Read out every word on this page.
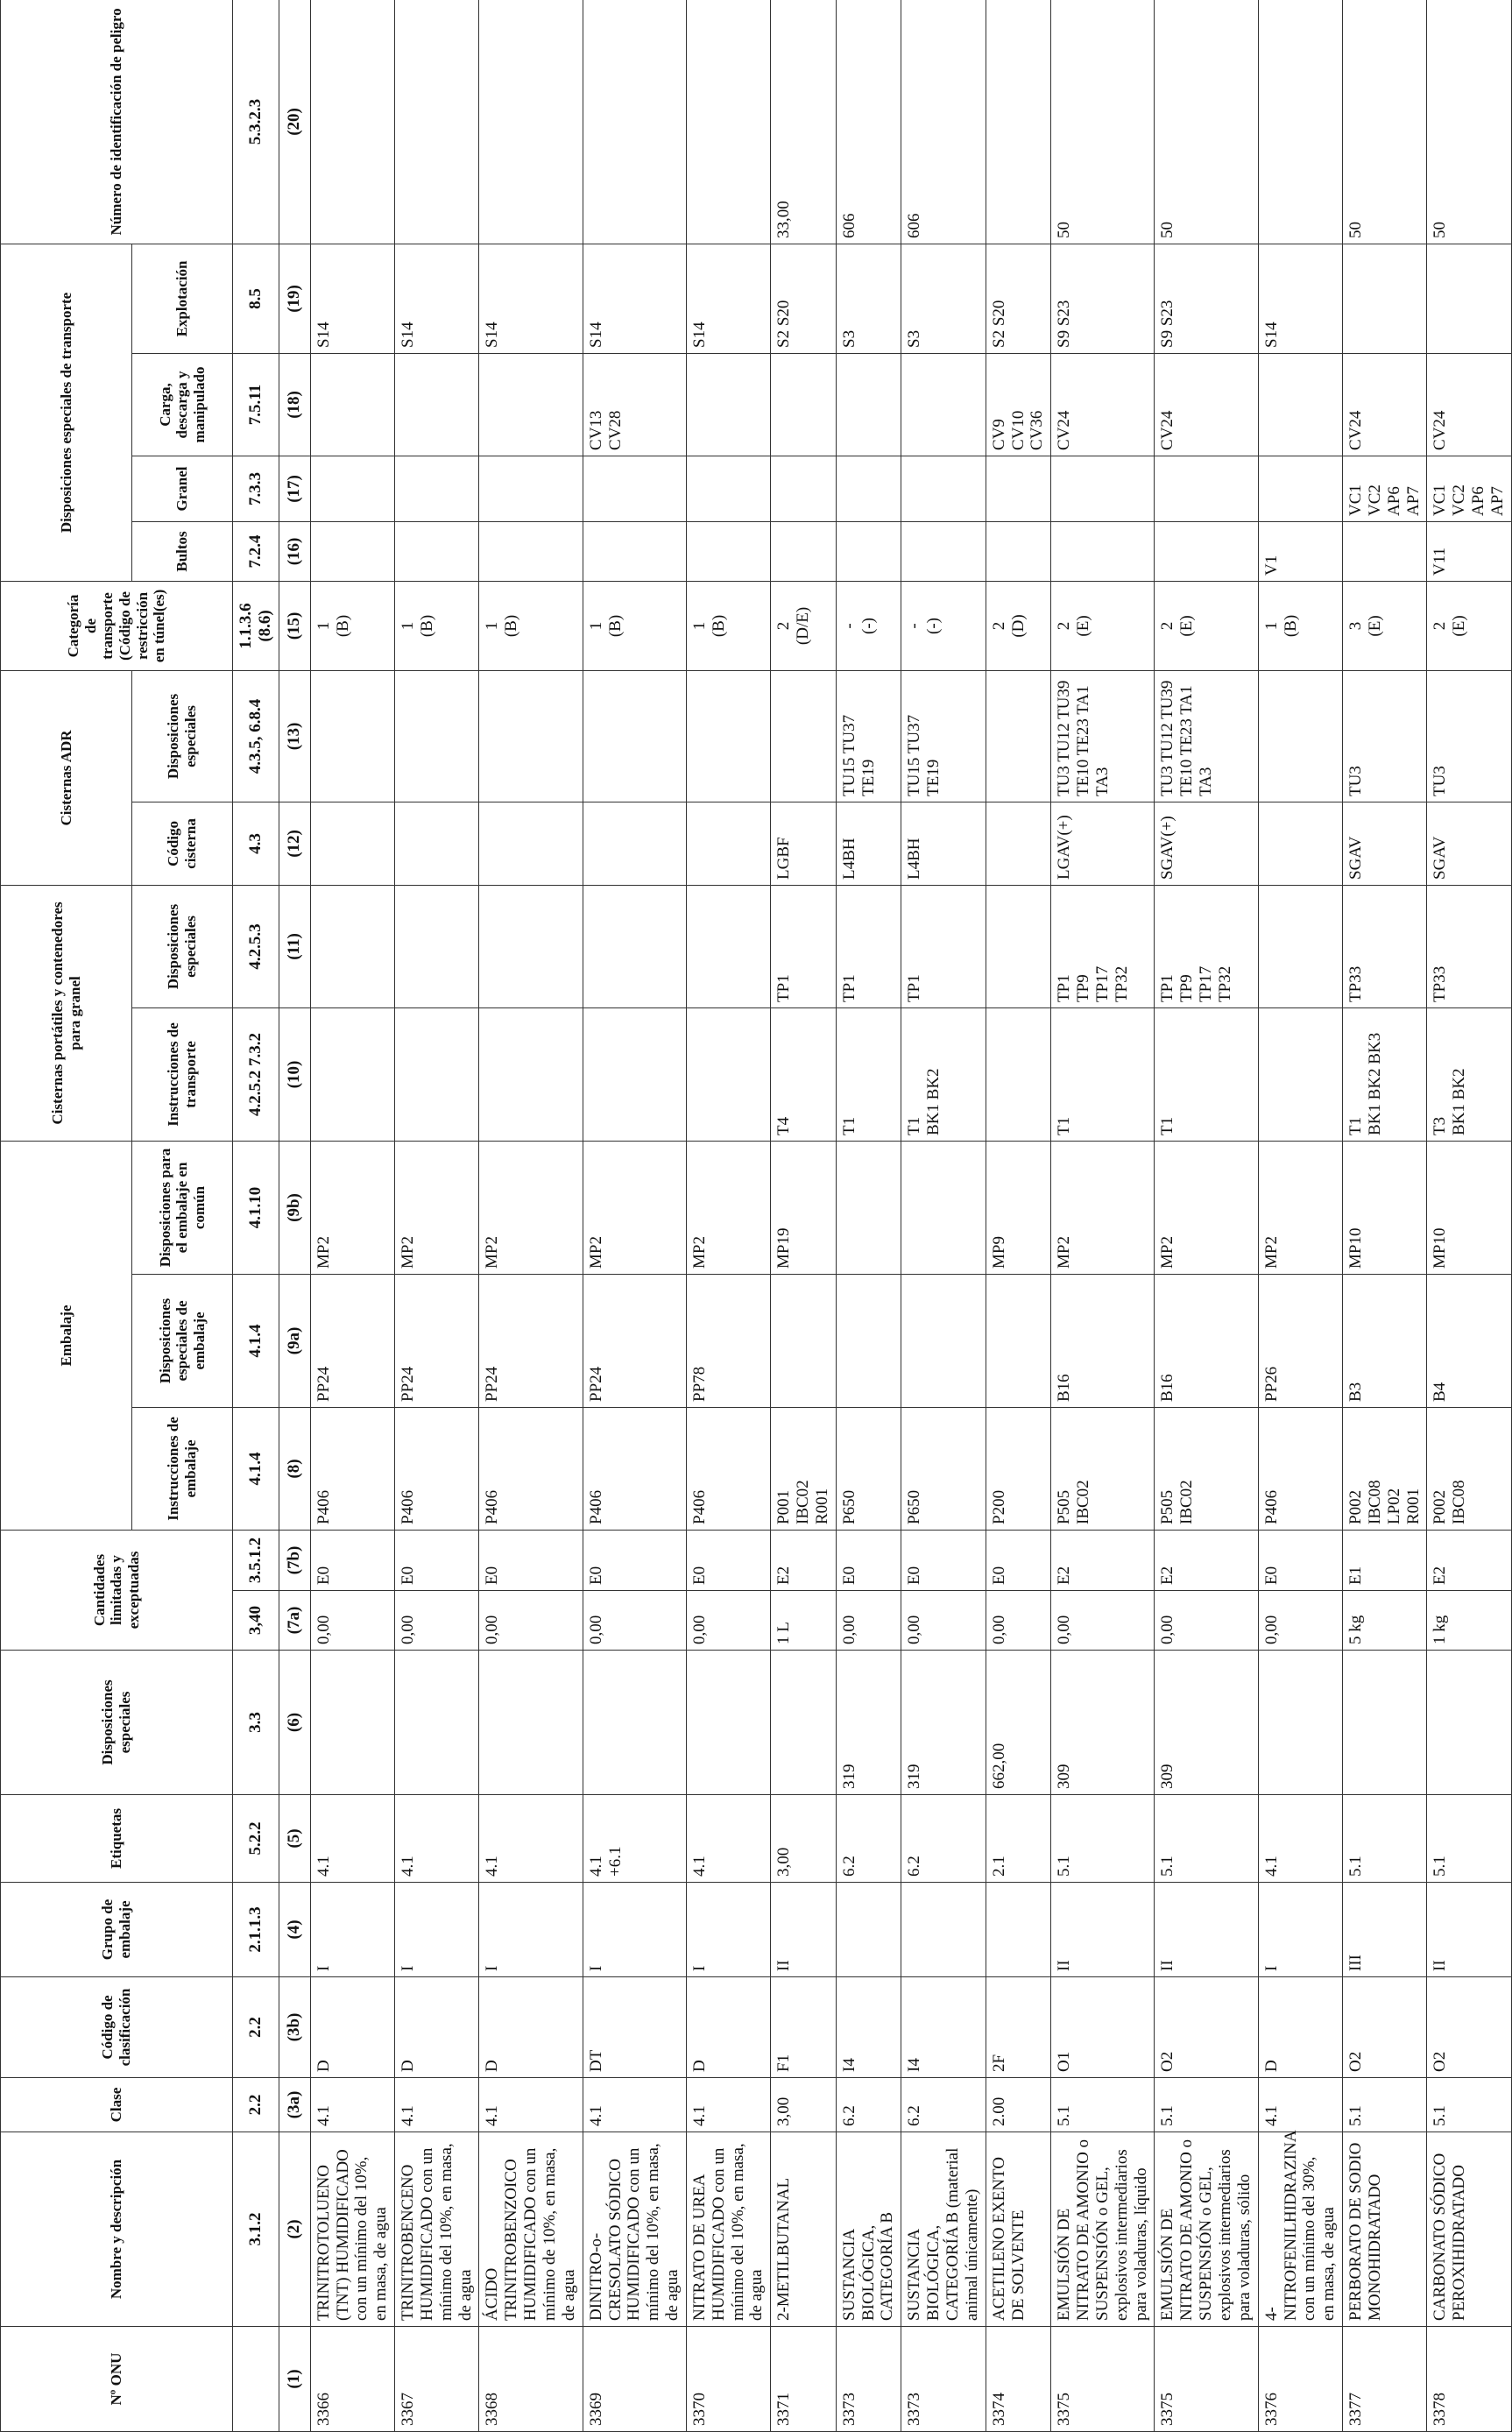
Nº ONU	Nombre y descripción	Clase	Código de clasificación	Grupo de embalaje	Etiquetas	Disposiciones especiales	Cantidades limitadas y exceptuadas		Embalaje			Cisternas portátiles y contenedores para granel		Cisternas ADR		Categoría de transporte (Código de restricción en túnel(es)	Disposiciones especiales de transporte				Número de identificación de peligro
									Instrucciones de embalaje	Disposiciones especiales de embalaje	Disposiciones para el embalaje en común	Instrucciones de transporte	Disposiciones especiales	Código cisterna	Disposiciones especiales		Bultos	Granel	Carga, descarga y manipulado	Explotación	

	3.1.2	2.2	2.2	2.1.1.3	5.2.2	3.3	3,40	3.5.1.2	4.1.4	4.1.4	4.1.10	4.2.5.2 7.3.2	4.2.5.3	4.3	4.3.5, 6.8.4	1.1.3.6 (8.6)	7.2.4	7.3.3	7.5.11	8.5	5.3.2.3

(1)	(2)	(3a)	(3b)	(4)	(5)	(6)	(7a)	(7b)	(8)	(9a)	(9b)	(10)	(11)	(12)	(13)	(15)	(16)	(17)	(18)	(19)	(20)

3366	TRINITROTOLUENO (TNT) HUMIDIFICADO con un mínimo del 10%, en masa, de agua	4.1	D	I	4.1		0,00	E0	P406	PP24	MP2					1 (B)				S14	

3367	TRINITROBENCENO HUMIDIFICADO con un mínimo del 10%, en masa, de agua	4.1	D	I	4.1		0,00	E0	P406	PP24	MP2					1 (B)				S14	

3368	ÁCIDO TRINITROBENZOICO HUMIDIFICADO con un mínimo de 10%, en masa, de agua	4.1	D	I	4.1		0,00	E0	P406	PP24	MP2					1 (B)				S14	

3369	DINITRO-o-CRESOLATO SÓDICO HUMIDIFICADO con un mínimo del 10%, en masa, de agua	4.1	DT	I	4.1 +6.1		0,00	E0	P406	PP24	MP2					1 (B)			CV13 CV28	S14	

3370	NITRATO DE UREA HUMIDIFICADO con un mínimo del 10%, en masa, de agua	4.1	D	I	4.1		0,00	E0	P406	PP78	MP2					1 (B)				S14	

3371	2-METILBUTANAL	3,00	F1	II	3,00		1 L	E2	P001 IBC02 R001		MP19	T4	TP1	LGBF		2 (D/E)				S2 S20	33,00

3373	SUSTANCIA BIOLÓGICA, CATEGORÍA B	6.2	I4		6.2	319	0,00	E0	P650			T1	TP1	L4BH	TU15 TU37 TE19	- (-)				S3	606

3373	SUSTANCIA BIOLÓGICA, CATEGORÍA B (material animal únicamente)	6.2	I4		6.2	319	0,00	E0	P650			T1 BK1 BK2	TP1	L4BH	TU15 TU37 TE19	- (-)				S3	606

3374	ACETILENO EXENTO DE SOLVENTE	2.00	2F		2.1	662,00	0,00	E0	P200		MP9					2 (D)			CV9 CV10 CV36	S2 S20	

3375	EMULSIÓN DE NITRATO DE AMONIO o SUSPENSIÓN o GEL, explosivos intermediarios para voladuras, líquido	5.1	O1	II	5.1	309	0,00	E2	P505 IBC02	B16	MP2	T1	TP1 TP9 TP17 TP32	LGAV(+)	TU3 TU12 TU39 TE10 TE23 TA1 TA3	2 (E)			CV24	S9 S23	50

3375	EMULSIÓN DE NITRATO DE AMONIO o SUSPENSIÓN o GEL, explosivos intermediarios para voladuras, sólido	5.1	O2	II	5.1	309	0,00	E2	P505 IBC02	B16	MP2	T1	TP1 TP9 TP17 TP32	SGAV(+)	TU3 TU12 TU39 TE10 TE23 TA1 TA3	2 (E)			CV24	S9 S23	50

3376	4-NITROFENILHIDRAZINA con un mínimo del 30%, en masa, de agua	4.1	D	I	4.1		0,00	E0	P406	PP26	MP2					1 (B)	V1			S14	

3377	PERBORATO DE SODIO MONOHIDRATADO	5.1	O2	III	5.1		5 kg	E1	P002 IBC08 LP02 R001	B3	MP10	T1 BK1 BK2 BK3	TP33	SGAV	TU3	3 (E)		VC1 VC2 AP6 AP7	CV24		50

3378	CARBONATO SÓDICO PEROXIHIDRATADO	5.1	O2	II	5.1		1 kg	E2	P002 IBC08	B4	MP10	T3 BK1 BK2	TP33	SGAV	TU3	2 (E)	V11	VC1 VC2 AP6 AP7	CV24		50
